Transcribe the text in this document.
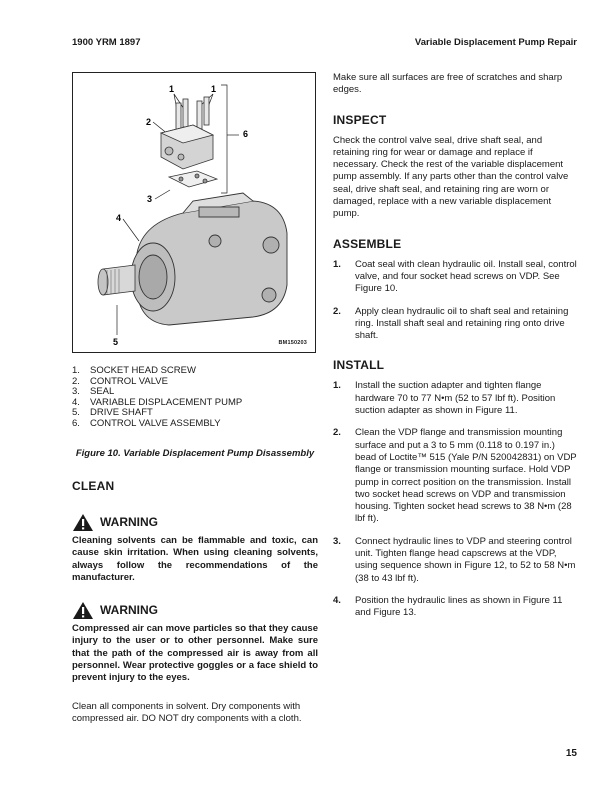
1900 YRM 1897	Variable Displacement Pump Repair
1	1
2
6
3
4
5	BM150203
1.	SOCKET HEAD SCREW
2.	CONTROL VALVE
3.	SEAL
4.	VARIABLE DISPLACEMENT PUMP
5.	DRIVE SHAFT
6.	CONTROL VALVE ASSEMBLY
Figure 10. Variable Displacement Pump Disassembly
CLEAN
WARNING
Cleaning solvents can be flammable and toxic, can cause skin irritation. When using cleaning solvents, always follow the recommendations of the manufacturer.
WARNING
Compressed air can move particles so that they cause injury to the user or to other personnel. Make sure that the path of the compressed air is away from all personnel. Wear protective goggles or a face shield to prevent injury to the eyes.
Clean all components in solvent. Dry components with compressed air. DO NOT dry components with a cloth.

Make sure all surfaces are free of scratches and sharp edges.

INSPECT

Check the control valve seal, drive shaft seal, and retaining ring for wear or damage and replace if necessary. Check the rest of the variable displacement pump assembly. If any parts other than the control valve seal, drive shaft seal, and retaining ring are worn or damaged, replace with a new variable displacement pump.

ASSEMBLE
1.	Coat seal with clean hydraulic oil. Install seal, control valve, and four socket head screws on VDP. See Figure 10.
2.	Apply clean hydraulic oil to shaft seal and retaining ring. Install shaft seal and retaining ring onto drive shaft.
INSTALL
1.	Install the suction adapter and tighten flange hardware 70 to 77 N•m (52 to 57 lbf ft). Position suction adapter as shown in Figure 11.
2.	Clean the VDP flange and transmission mounting surface and put a 3 to 5 mm (0.118 to 0.197 in.) bead of Loctite™ 515 (Yale P/N 520042831) on VDP flange or transmission mounting surface. Hold VDP pump in correct position on the transmission. Install two socket head screws on VDP and transmission housing. Tighten socket head screws to 38 N•m (28 lbf ft).
3.	Connect hydraulic lines to VDP and steering control unit. Tighten flange head capscrews at the VDP, using sequence shown in Figure 12, to 52 to 58 N•m (38 to 43 lbf ft).
4.	Position the hydraulic lines as shown in Figure 11 and Figure 13.
15
